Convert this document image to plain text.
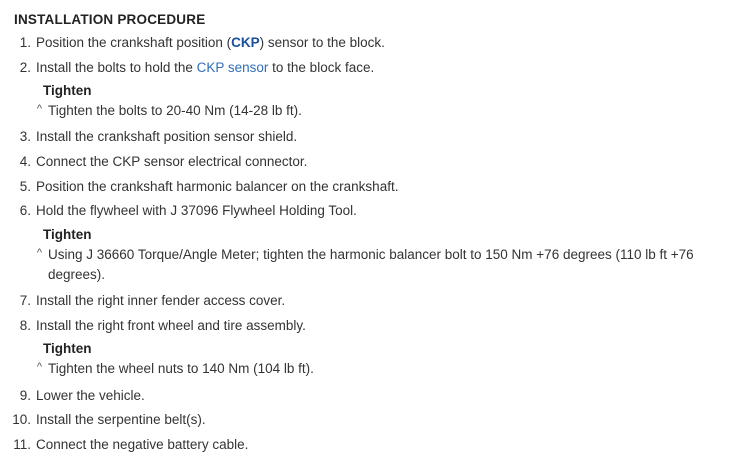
INSTALLATION PROCEDURE
1. Position the crankshaft position (CKP) sensor to the block.
2. Install the bolts to hold the CKP sensor to the block face.
Tighten
^ Tighten the bolts to 20-40 Nm (14-28 lb ft).
3. Install the crankshaft position sensor shield.
4. Connect the CKP sensor electrical connector.
5. Position the crankshaft harmonic balancer on the crankshaft.
6. Hold the flywheel with J 37096 Flywheel Holding Tool.
Tighten
^ Using J 36660 Torque/Angle Meter; tighten the harmonic balancer bolt to 150 Nm +76 degrees (110 lb ft +76 degrees).
7. Install the right inner fender access cover.
8. Install the right front wheel and tire assembly.
Tighten
^ Tighten the wheel nuts to 140 Nm (104 lb ft).
9. Lower the vehicle.
10. Install the serpentine belt(s).
11. Connect the negative battery cable.
